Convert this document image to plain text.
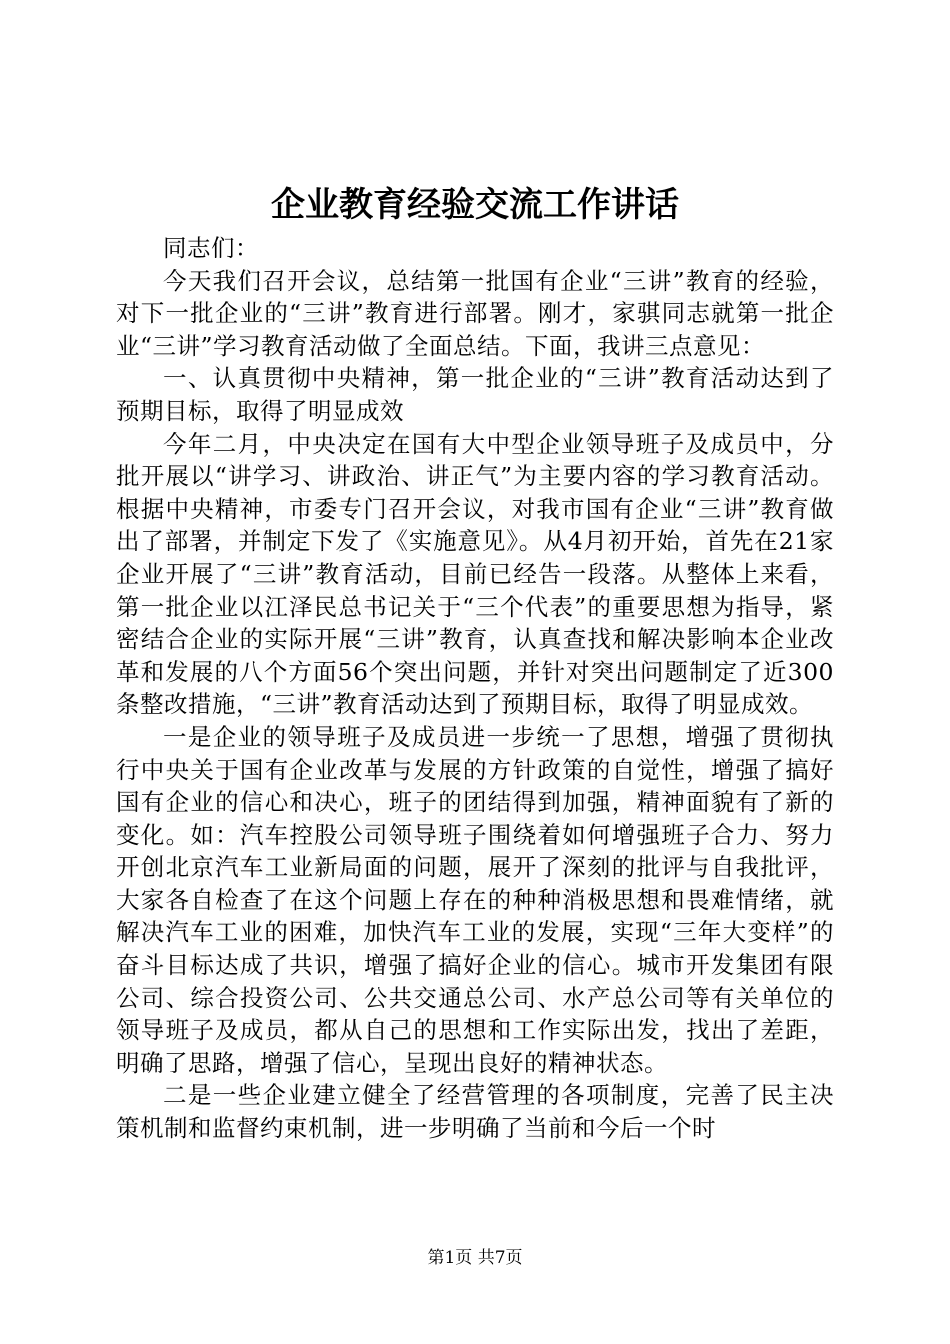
企业教育经验交流工作讲话

同志们：

今天我们召开会议，总结第一批国有企业“三讲”教育的经验，对下一批企业的“三讲”教育进行部署。刚才，家骐同志就第一批企业“三讲”学习教育活动做了全面总结。下面，我讲三点意见：

一、认真贯彻中央精神，第一批企业的“三讲”教育活动达到了预期目标，取得了明显成效

今年二月，中央决定在国有大中型企业领导班子及成员中，分批开展以“讲学习、讲政治、讲正气”为主要内容的学习教育活动。根据中央精神，市委专门召开会议，对我市国有企业“三讲”教育做出了部署，并制定下发了《实施意见》。从4月初开始，首先在21家企业开展了“三讲”教育活动，目前已经告一段落。从整体上来看，第一批企业以江泽民总书记关于“三个代表”的重要思想为指导，紧密结合企业的实际开展“三讲”教育，认真查找和解决影响本企业改革和发展的八个方面56个突出问题，并针对突出问题制定了近300条整改措施，“三讲”教育活动达到了预期目标，取得了明显成效。

一是企业的领导班子及成员进一步统一了思想，增强了贯彻执行中央关于国有企业改革与发展的方针政策的自觉性，增强了搞好国有企业的信心和决心，班子的团结得到加强，精神面貌有了新的变化。如：汽车控股公司领导班子围绕着如何增强班子合力、努力开创北京汽车工业新局面的问题，展开了深刻的批评与自我批评，大家各自检查了在这个问题上存在的种种消极思想和畏难情绪，就解决汽车工业的困难，加快汽车工业的发展，实现“三年大变样”的奋斗目标达成了共识，增强了搞好企业的信心。城市开发集团有限公司、综合投资公司、公共交通总公司、水产总公司等有关单位的领导班子及成员，都从自己的思想和工作实际出发，找出了差距，明确了思路，增强了信心，呈现出良好的精神状态。

二是一些企业建立健全了经营管理的各项制度，完善了民主决策机制和监督约束机制，进一步明确了当前和今后一个时

第1页 共7页
